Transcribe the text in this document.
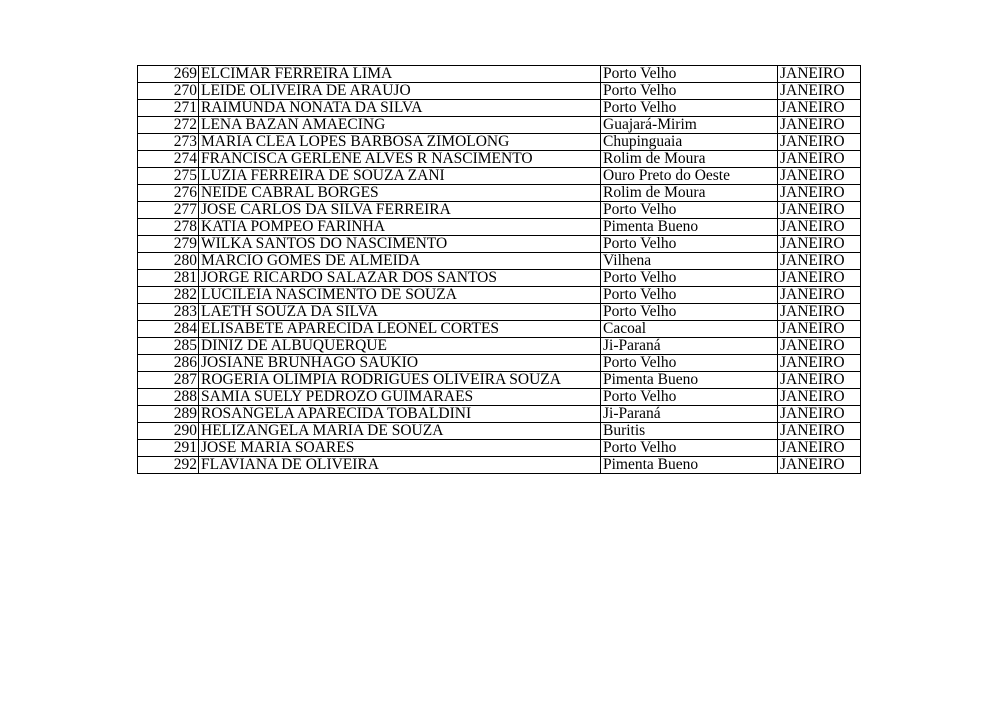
269	ELCIMAR FERREIRA LIMA	Porto Velho	JANEIRO
270	LEIDE OLIVEIRA DE ARAUJO	Porto Velho	JANEIRO
271	RAIMUNDA NONATA DA SILVA	Porto Velho	JANEIRO
272	LENA BAZAN AMAECING	Guajará-Mirim	JANEIRO
273	MARIA CLEA LOPES BARBOSA ZIMOLONG	Chupinguaia	JANEIRO
274	FRANCISCA GERLENE ALVES R NASCIMENTO	Rolim de Moura	JANEIRO
275	LUZIA FERREIRA DE SOUZA ZANI	Ouro Preto do Oeste	JANEIRO
276	NEIDE CABRAL BORGES	Rolim de Moura	JANEIRO
277	JOSE CARLOS DA SILVA FERREIRA	Porto Velho	JANEIRO
278	KATIA POMPEO FARINHA	Pimenta Bueno	JANEIRO
279	WILKA SANTOS DO NASCIMENTO	Porto Velho	JANEIRO
280	MARCIO GOMES DE ALMEIDA	Vilhena	JANEIRO
281	JORGE RICARDO SALAZAR DOS SANTOS	Porto Velho	JANEIRO
282	LUCILEIA NASCIMENTO DE SOUZA	Porto Velho	JANEIRO
283	LAETH SOUZA DA SILVA	Porto Velho	JANEIRO
284	ELISABETE APARECIDA LEONEL CORTES	Cacoal	JANEIRO
285	DINIZ DE ALBUQUERQUE	Ji-Paraná	JANEIRO
286	JOSIANE BRUNHAGO SAUKIO	Porto Velho	JANEIRO
287	ROGERIA OLIMPIA RODRIGUES OLIVEIRA SOUZA	Pimenta Bueno	JANEIRO
288	SAMIA SUELY PEDROZO GUIMARAES	Porto Velho	JANEIRO
289	ROSANGELA APARECIDA TOBALDINI	Ji-Paraná	JANEIRO
290	HELIZANGELA MARIA DE SOUZA	Buritis	JANEIRO
291	JOSE MARIA SOARES	Porto Velho	JANEIRO
292	FLAVIANA DE OLIVEIRA	Pimenta Bueno	JANEIRO
